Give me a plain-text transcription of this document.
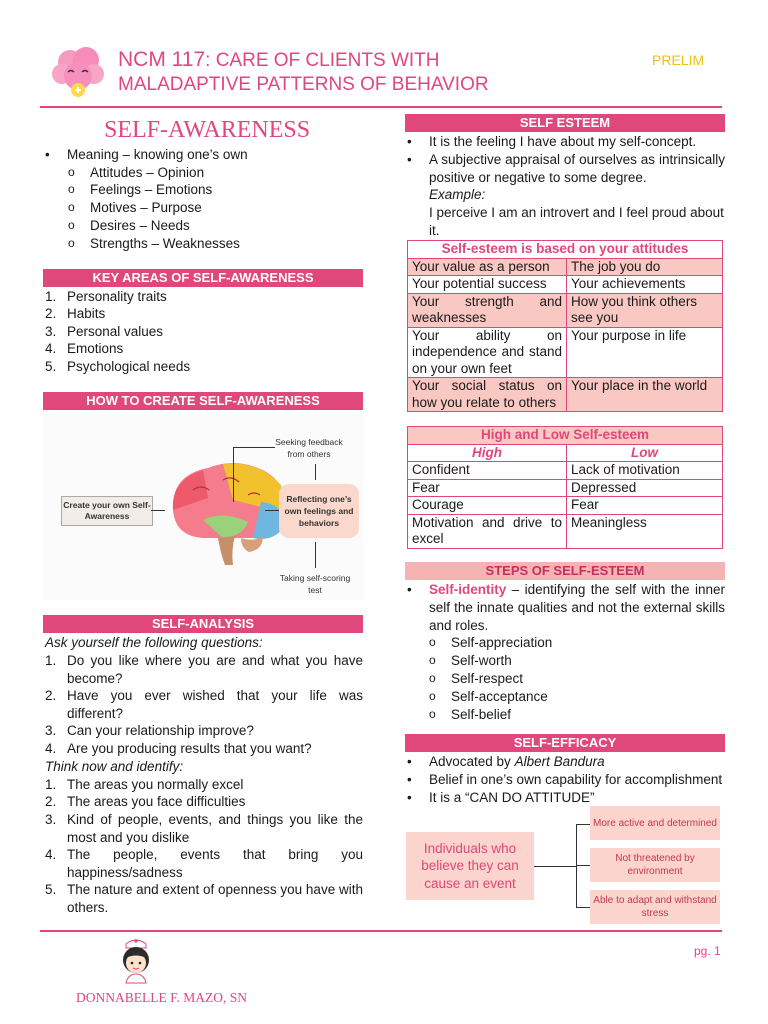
NCM 117: CARE OF CLIENTS WITH
MALADAPTIVE PATTERNS OF BEHAVIOR
PRELIM
SELF-AWARENESS
• Meaning – knowing one’s own
o Attitudes – Opinion
o Feelings – Emotions
o Motives – Purpose
o Desires – Needs
o Strengths – Weaknesses
KEY AREAS OF SELF-AWARENESS
1. Personality traits
2. Habits
3. Personal values
4. Emotions
5. Psychological needs
HOW TO CREATE SELF-AWARENESS
Create your own Self-Awareness
Seeking feedback from others
Reflecting one’s own feelings and behaviors
Taking self-scoring test
SELF-ANALYSIS
Ask yourself the following questions:
1. Do you like where you are and what you have become?
2. Have you ever wished that your life was different?
3. Can your relationship improve?
4. Are you producing results that you want?
Think now and identify:
1. The areas you normally excel
2. The areas you face difficulties
3. Kind of people, events, and things you like the most and you dislike
4. The people, events that bring you happiness/sadness
5. The nature and extent of openness you have with others.
SELF ESTEEM
• It is the feeling I have about my self-concept.
• A subjective appraisal of ourselves as intrinsically positive or negative to some degree.
Example:
I perceive I am an introvert and I feel proud about it.
Self-esteem is based on your attitudes	
Your value as a person	The job you do
Your potential success	Your achievements
Your strength and weaknesses	How you think others see you
Your ability on independence and stand on your own feet	Your purpose in life
Your social status on how you relate to others	Your place in the world
High and Low Self-esteem	
High	Low
Confident	Lack of motivation
Fear	Depressed
Courage	Fear
Motivation and drive to excel	Meaningless
STEPS OF SELF-ESTEEM
• Self-identity – identifying the self with the inner self the innate qualities and not the external skills and roles.
o Self-appreciation
o Self-worth
o Self-respect
o Self-acceptance
o Self-belief
SELF-EFFICACY
• Advocated by Albert Bandura
• Belief in one’s own capability for accomplishment
• It is a “CAN DO ATTITUDE”
Individuals who believe they can cause an event
More active and determined
Not threatened by environment
Able to adapt and withstand stress
DONNABELLE F. MAZO, SN
pg. 1
